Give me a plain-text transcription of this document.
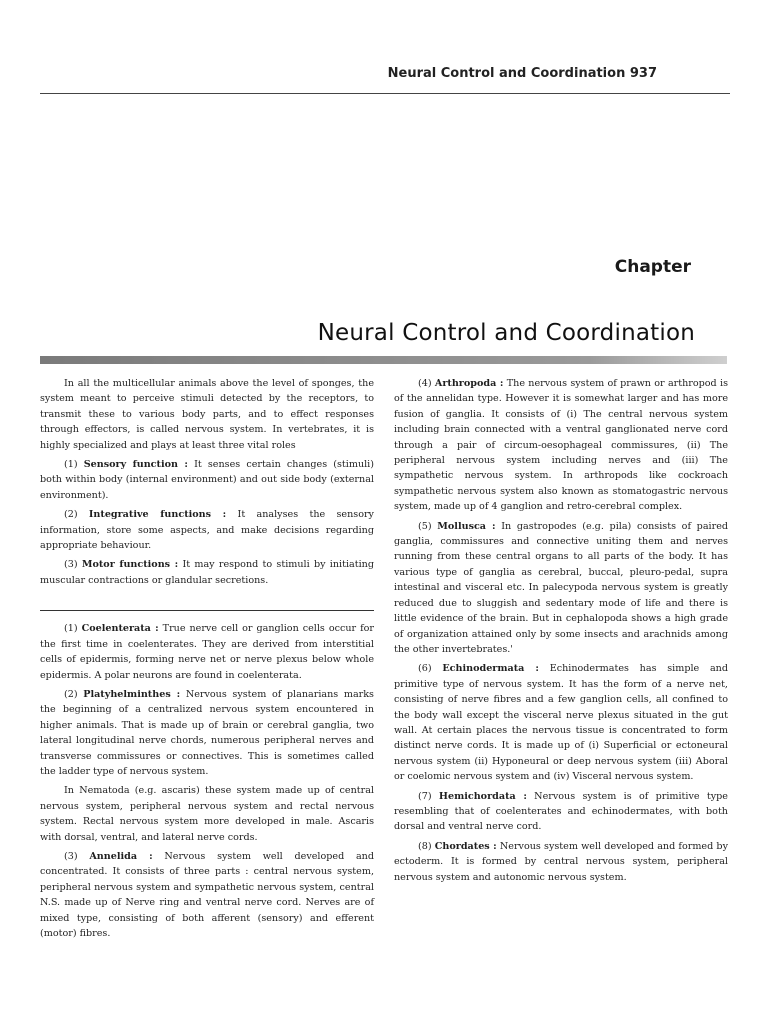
Neural Control and Coordination 937
Chapter
Neural Control and Coordination

In all the multicellular animals above the level of sponges, the system meant to perceive stimuli detected by the receptors, to transmit these to various body parts, and to effect responses through effectors, is called nervous system. In vertebrates, it is highly specialized and plays at least three vital roles

(1) Sensory function : It senses certain changes (stimuli) both within body (internal environment) and out side body (external environment).

(2) Integrative functions : It analyses the sensory information, store some aspects, and make decisions regarding appropriate behaviour.

(3) Motor functions : It may respond to stimuli by initiating muscular contractions or glandular secretions.

(1) Coelenterata : True nerve cell or ganglion cells occur for the first time in coelenterates. They are derived from interstitial cells of epidermis, forming nerve net or nerve plexus below whole epidermis. A polar neurons are found in coelenterata.

(2) Platyhelminthes : Nervous system of planarians marks the beginning of a centralized nervous system encountered in higher animals. That is made up of brain or cerebral ganglia, two lateral longitudinal nerve chords, numerous peripheral nerves and transverse commissures or connectives. This is sometimes called the ladder type of nervous system.

In Nematoda (e.g. ascaris) these system made up of central nervous system, peripheral nervous system and rectal nervous system. Rectal nervous system more developed in male. Ascaris with dorsal, ventral, and lateral nerve cords.

(3) Annelida : Nervous system well developed and concentrated. It consists of three parts : central nervous system, peripheral nervous system and sympathetic nervous system, central N.S. made up of Nerve ring and ventral nerve cord. Nerves are of mixed type, consisting of both afferent (sensory) and efferent (motor) fibres.

(4) Arthropoda : The nervous system of prawn or arthropod is of the annelidan type. However it is somewhat larger and has more fusion of ganglia. It consists of (i) The central nervous system including brain connected with a ventral ganglionated nerve cord through a pair of circum-oesophageal commissures, (ii) The peripheral nervous system including nerves and (iii) The sympathetic nervous system. In arthropods like cockroach sympathetic nervous system also known as stomatogastric nervous system, made up of 4 ganglion and retro-cerebral complex.

(5) Mollusca : In gastropodes (e.g. pila) consists of paired ganglia, commissures and connective uniting them and nerves running from these central organs to all parts of the body. It has various type of ganglia as cerebral, buccal, pleuro-pedal, supra intestinal and visceral etc. In palecypoda nervous system is greatly reduced due to sluggish and sedentary mode of life and there is little evidence of the brain. But in cephalopoda shows a high grade of organization attained only by some insects and arachnids among the other invertebrates.'

(6) Echinodermata : Echinodermates has simple and primitive type of nervous system. It has the form of a nerve net, consisting of nerve fibres and a few ganglion cells, all confined to the body wall except the visceral nerve plexus situated in the gut wall. At certain places the nervous tissue is concentrated to form distinct nerve cords. It is made up of (i) Superficial or ectoneural nervous system (ii) Hyponeural or deep nervous system (iii) Aboral or coelomic nervous system and (iv) Visceral nervous system.

(7) Hemichordata : Nervous system is of primitive type resembling that of coelenterates and echinodermates, with both dorsal and ventral nerve cord.

(8) Chordates : Nervous system well developed and formed by ectoderm. It is formed by central nervous system, peripheral nervous system and autonomic nervous system.
